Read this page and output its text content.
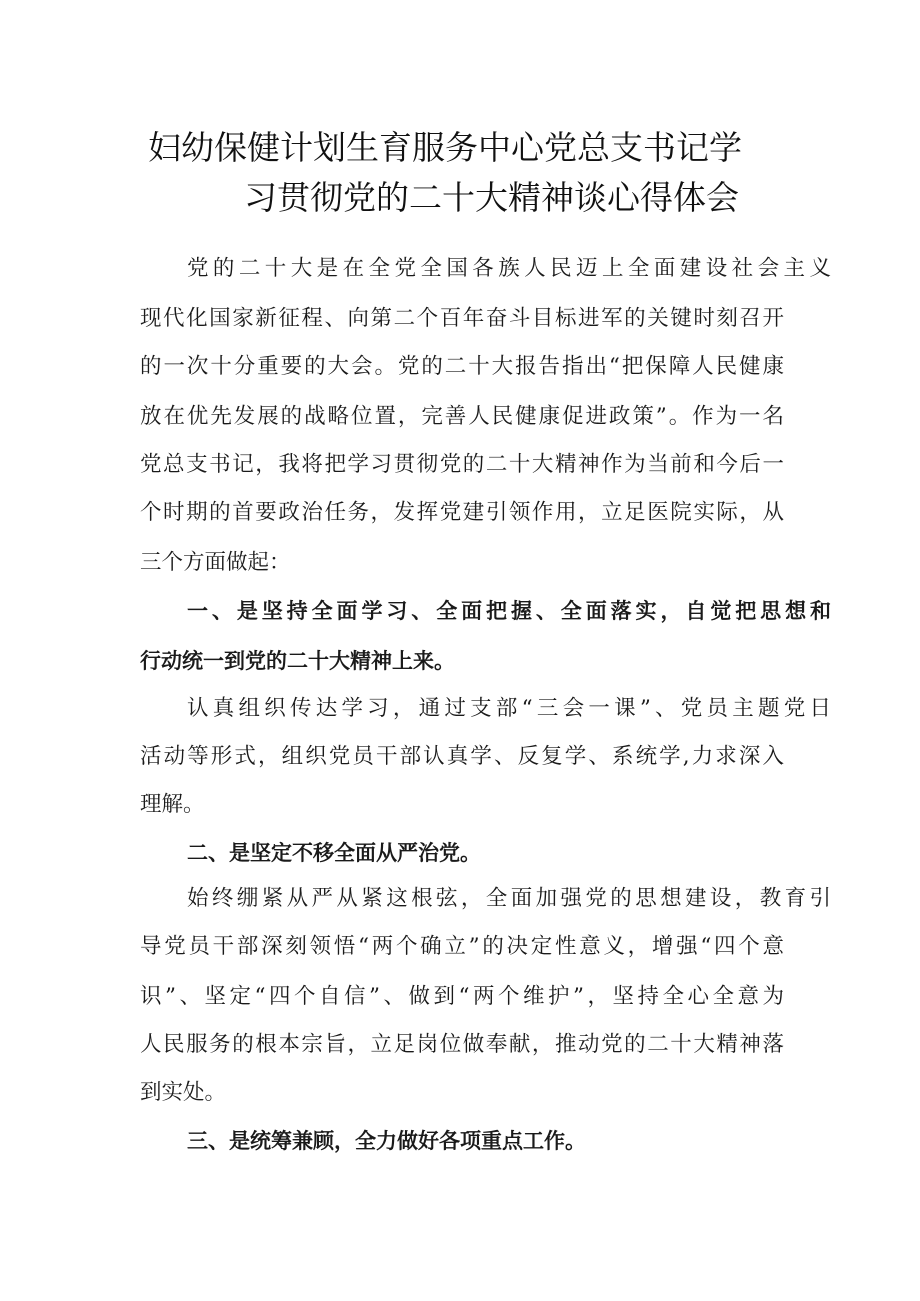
妇幼保健计划生育服务中心党总支书记学
习贯彻党的二十大精神谈心得体会
党的二十大是在全党全国各族人民迈上全面建设社会主义
现代化国家新征程、向第二个百年奋斗目标进军的关键时刻召开
的一次十分重要的大会。党的二十大报告指出“把保障人民健康
放在优先发展的战略位置，完善人民健康促进政策”。作为一名
党总支书记，我将把学习贯彻党的二十大精神作为当前和今后一
个时期的首要政治任务，发挥党建引领作用，立足医院实际，从
三个方面做起：
一、是坚持全面学习、全面把握、全面落实，自觉把思想和
行动统一到党的二十大精神上来。
认真组织传达学习，通过支部“三会一课”、党员主题党日
活动等形式，组织党员干部认真学、反复学、系统学,力求深入
理解。
二、是坚定不移全面从严治党。
始终绷紧从严从紧这根弦，全面加强党的思想建设，教育引
导党员干部深刻领悟“两个确立”的决定性意义，增强“四个意
识”、坚定“四个自信”、做到“两个维护”，坚持全心全意为
人民服务的根本宗旨，立足岗位做奉献，推动党的二十大精神落
到实处。
三、是统筹兼顾，全力做好各项重点工作。
